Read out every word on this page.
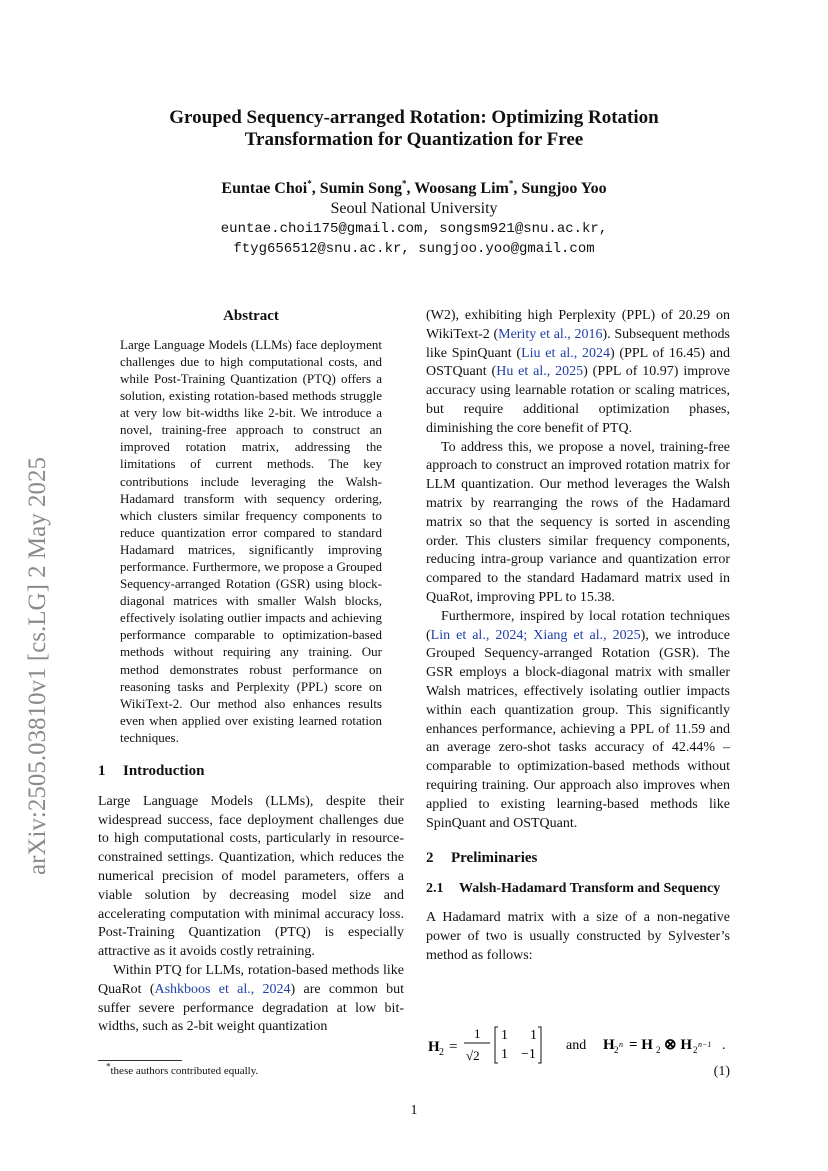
arXiv:2505.03810v1 [cs.LG] 2 May 2025
Grouped Sequency-arranged Rotation: Optimizing Rotation
Transformation for Quantization for Free
Euntae Choi*, Sumin Song*, Woosang Lim*, Sungjoo Yoo
Seoul National University
euntae.choi175@gmail.com, songsm921@snu.ac.kr,
ftyg656512@snu.ac.kr, sungjoo.yoo@gmail.com

Abstract

Large Language Models (LLMs) face deployment challenges due to high computational costs, and while Post-Training Quantization (PTQ) offers a solution, existing rotation-based methods struggle at very low bit-widths like 2-bit. We introduce a novel, training-free approach to construct an improved rotation matrix, addressing the limitations of current methods. The key contributions include leveraging the Walsh-Hadamard transform with sequency ordering, which clusters similar frequency components to reduce quantization error compared to standard Hadamard matrices, significantly improving performance. Furthermore, we propose a Grouped Sequency-arranged Rotation (GSR) using block-diagonal matrices with smaller Walsh blocks, effectively isolating outlier impacts and achieving performance comparable to optimization-based methods without requiring any training. Our method demonstrates robust performance on reasoning tasks and Perplexity (PPL) score on WikiText-2. Our method also enhances results even when applied over existing learned rotation techniques.

1 Introduction

Large Language Models (LLMs), despite their widespread success, face deployment challenges due to high computational costs, particularly in resource-constrained settings. Quantization, which reduces the numerical precision of model parameters, offers a viable solution by decreasing model size and accelerating computation with minimal accuracy loss. Post-Training Quantization (PTQ) is especially attractive as it avoids costly retraining.

Within PTQ for LLMs, rotation-based methods like QuaRot (Ashkboos et al., 2024) are common but suffer severe performance degradation at low bit-widths, such as 2-bit weight quantization

(W2), exhibiting high Perplexity (PPL) of 20.29 on WikiText-2 (Merity et al., 2016). Subsequent methods like SpinQuant (Liu et al., 2024) (PPL of 16.45) and OSTQuant (Hu et al., 2025) (PPL of 10.97) improve accuracy using learnable rotation or scaling matrices, but require additional optimization phases, diminishing the core benefit of PTQ.

To address this, we propose a novel, training-free approach to construct an improved rotation matrix for LLM quantization. Our method leverages the Walsh matrix by rearranging the rows of the Hadamard matrix so that the sequency is sorted in ascending order. This clusters similar frequency components, reducing intra-group variance and quantization error compared to the standard Hadamard matrix used in QuaRot, improving PPL to 15.38.

Furthermore, inspired by local rotation techniques (Lin et al., 2024; Xiang et al., 2025), we introduce Grouped Sequency-arranged Rotation (GSR). The GSR employs a block-diagonal matrix with smaller Walsh matrices, effectively isolating outlier impacts within each quantization group. This significantly enhances performance, achieving a PPL of 11.59 and an average zero-shot tasks accuracy of 42.44% – comparable to optimization-based methods without requiring training. Our approach also improves when applied to existing learning-based methods like SpinQuant and OSTQuant.

2 Preliminaries

2.1 Walsh-Hadamard Transform and Sequency

A Hadamard matrix with a size of a non-negative power of two is usually constructed by Sylvester’s method as follows:

H 2 =
1
√2
1 1
1 −1
and H 2
n = H 2 ⊗ H 2
n−1 .
(1)
*these authors contributed equally.
1
